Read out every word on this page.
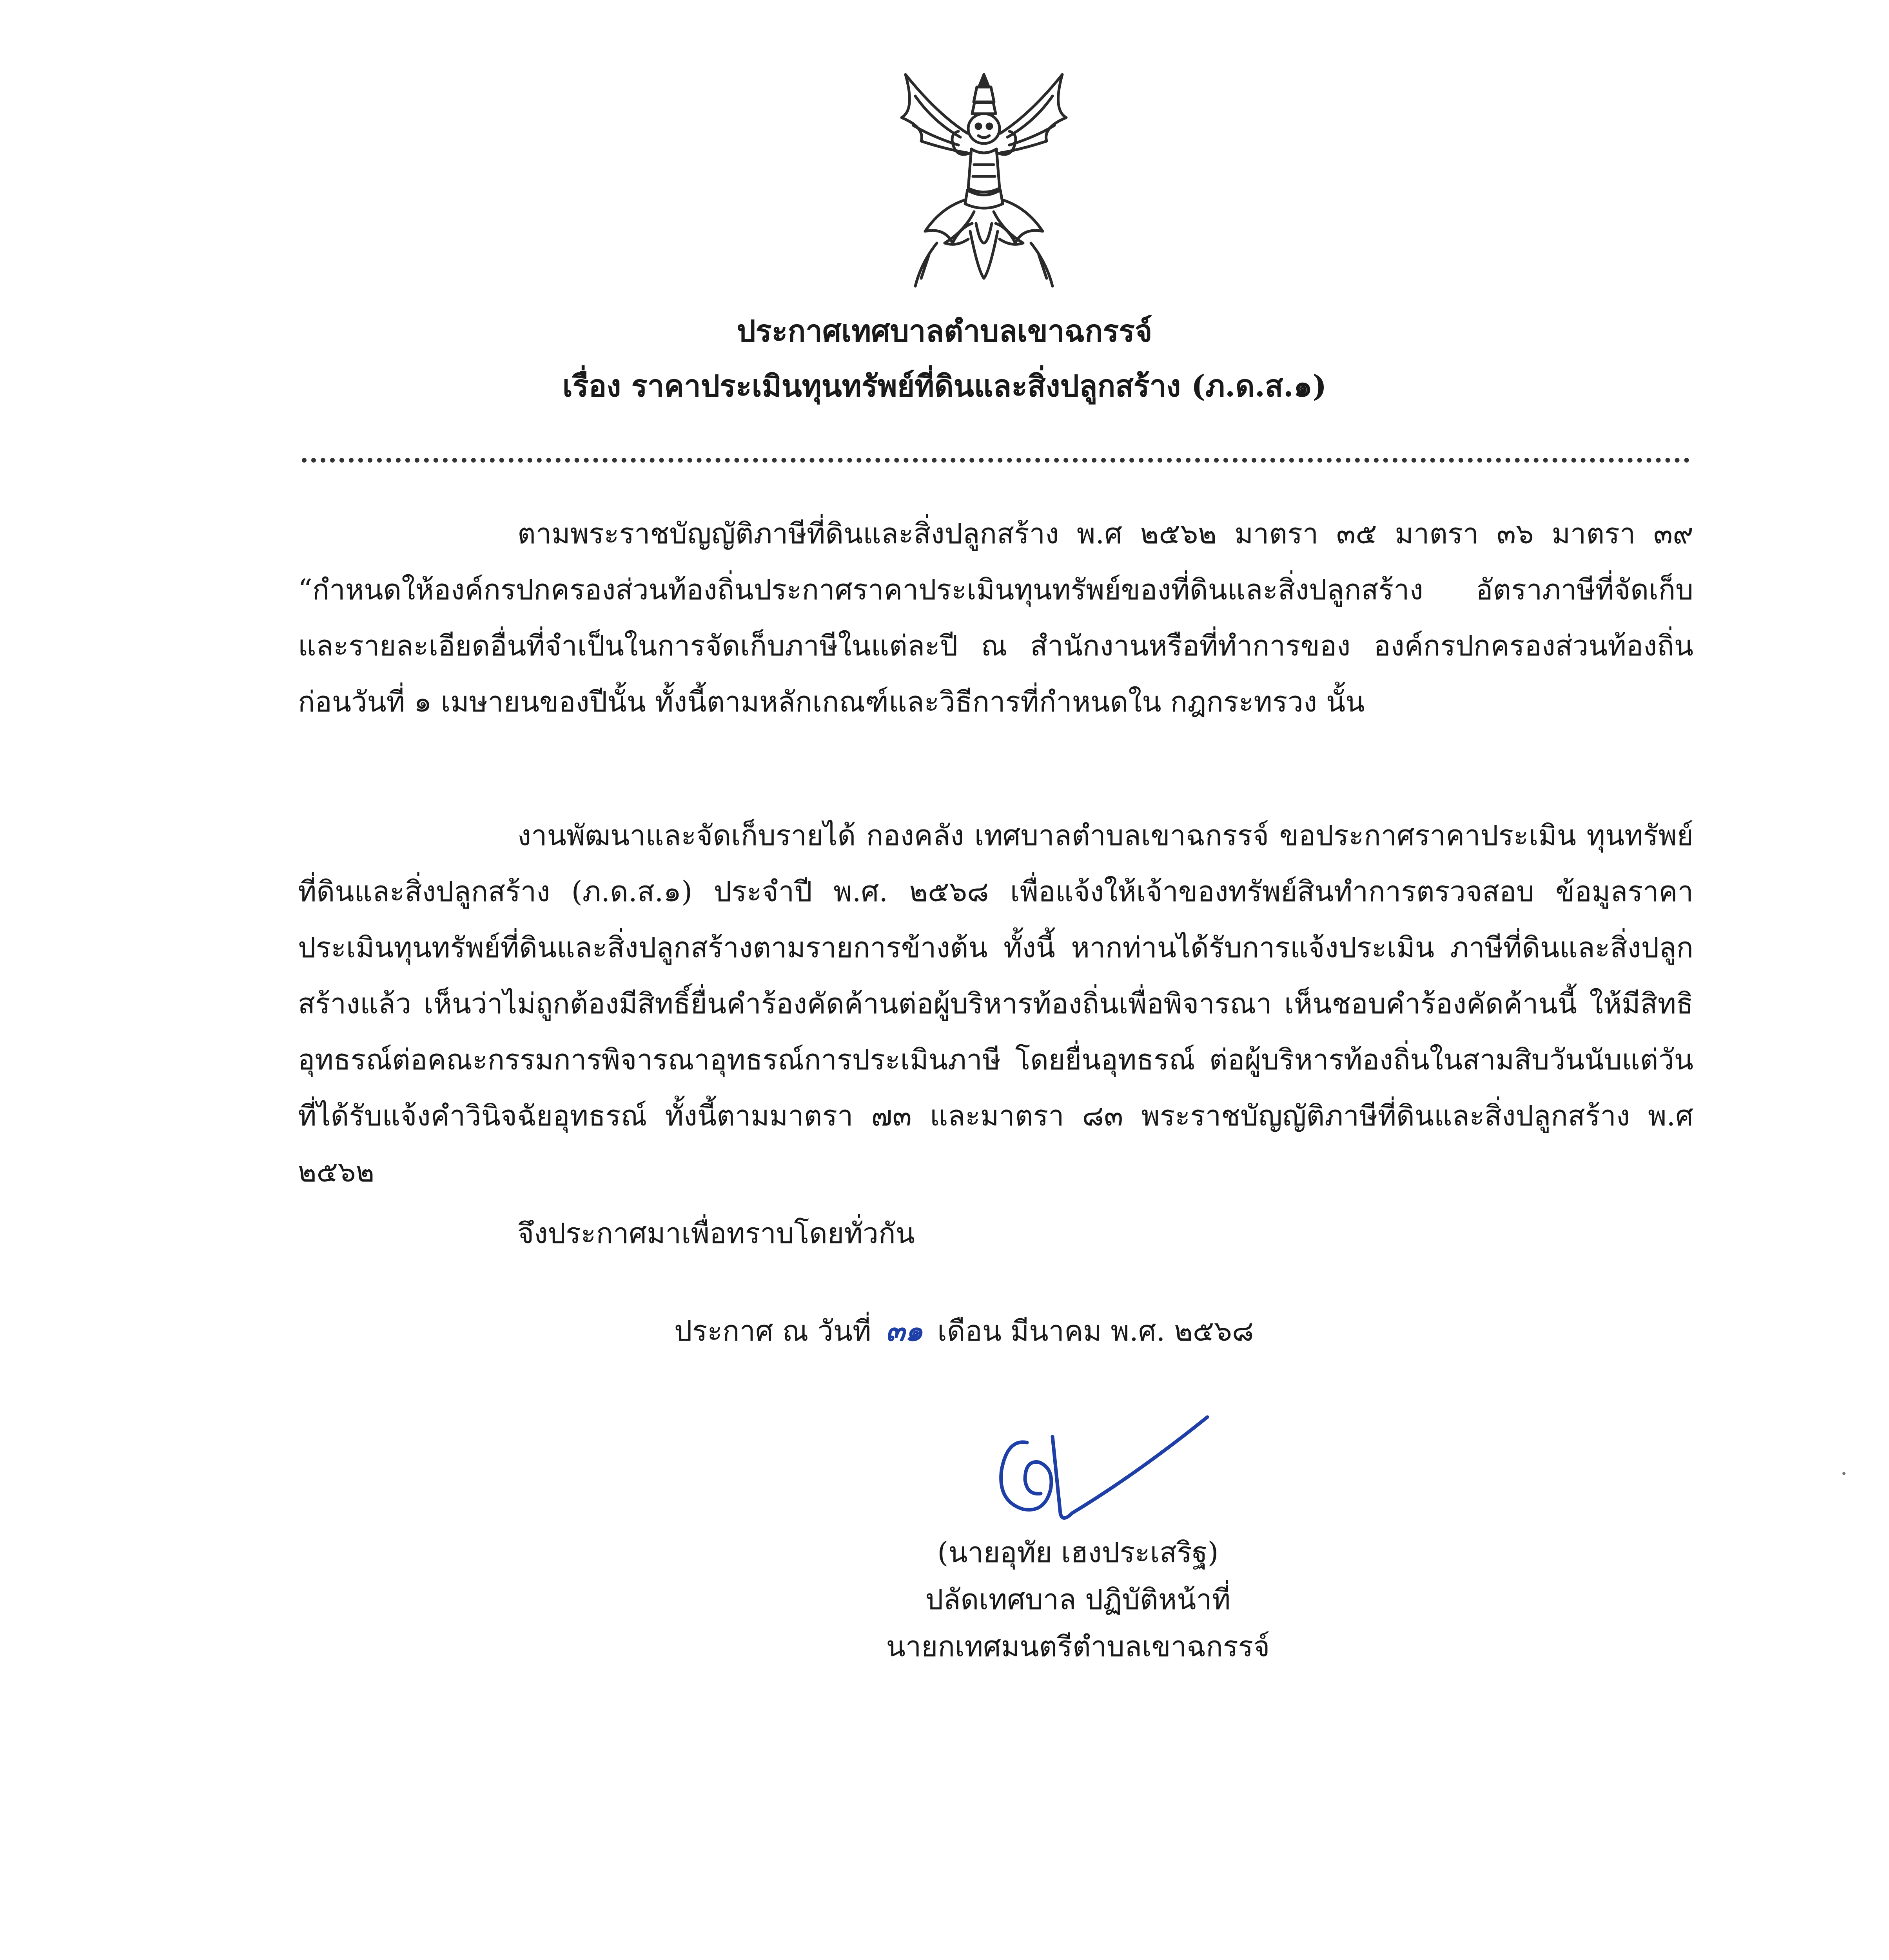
ประกาศเทศบาลตำบลเขาฉกรรจ์
เรื่อง ราคาประเมินทุนทรัพย์ที่ดินและสิ่งปลูกสร้าง (ภ.ด.ส.๑)
ตามพระราชบัญญัติภาษีที่ดินและสิ่งปลูกสร้าง พ.ศ ๒๕๖๒ มาตรา ๓๕ มาตรา ๓๖ มาตรา ๓๙ “กำหนดให้องค์กรปกครองส่วนท้องถิ่นประกาศราคาประเมินทุนทรัพย์ของที่ดินและสิ่งปลูกสร้าง อัตราภาษีที่จัดเก็บ และรายละเอียดอื่นที่จำเป็นในการจัดเก็บภาษีในแต่ละปี ณ สำนักงานหรือที่ทำการของ องค์กรปกครองส่วนท้องถิ่นก่อนวันที่ ๑ เมษายนของปีนั้น ทั้งนี้ตามหลักเกณฑ์และวิธีการที่กำหนดใน กฎกระทรวง นั้น
งานพัฒนาและจัดเก็บรายได้ กองคลัง เทศบาลตำบลเขาฉกรรจ์ ขอประกาศราคาประเมิน ทุนทรัพย์ที่ดินและสิ่งปลูกสร้าง (ภ.ด.ส.๑) ประจำปี พ.ศ. ๒๕๖๘ เพื่อแจ้งให้เจ้าของทรัพย์สินทำการตรวจสอบ ข้อมูลราคาประเมินทุนทรัพย์ที่ดินและสิ่งปลูกสร้างตามรายการข้างต้น ทั้งนี้ หากท่านได้รับการแจ้งประเมิน ภาษีที่ดินและสิ่งปลูกสร้างแล้ว เห็นว่าไม่ถูกต้องมีสิทธิ์ยื่นคำร้องคัดค้านต่อผู้บริหารท้องถิ่นเพื่อพิจารณา เห็นชอบคำร้องคัดค้านนี้ ให้มีสิทธิอุทธรณ์ต่อคณะกรรมการพิจารณาอุทธรณ์การประเมินภาษี โดยยื่นอุทธรณ์ ต่อผู้บริหารท้องถิ่นในสามสิบวันนับแต่วันที่ได้รับแจ้งคำวินิจฉัยอุทธรณ์ ทั้งนี้ตามมาตรา ๗๓ และมาตรา ๘๓ พระราชบัญญัติภาษีที่ดินและสิ่งปลูกสร้าง พ.ศ ๒๕๖๒
จึงประกาศมาเพื่อทราบโดยทั่วกัน
ประกาศ ณ วันที่ ๓๑ เดือน มีนาคม พ.ศ. ๒๕๖๘
(นายอุทัย เฮงประเสริฐ)
ปลัดเทศบาล ปฏิบัติหน้าที่
นายกเทศมนตรีตำบลเขาฉกรรจ์
